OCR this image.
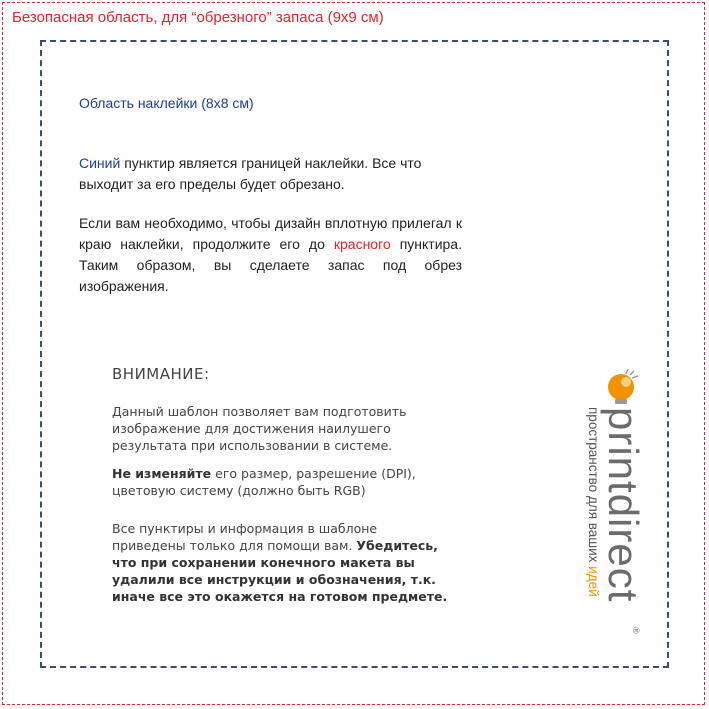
Безопасная область, для “обрезного” запаса (9x9 см)
Область наклейки (8x8 см)
Синий пунктир является границей наклейки. Все что выходит за его пределы будет обрезано.
Если вам необходимо, чтобы дизайн вплотную прилегал к краю наклейки, продолжите его до красного пунктира. Таким образом, вы сделаете запас под обрез изображения.
ВНИМАНИЕ:
Данный шаблон позволяет вам подготовить изображение для достижения наилушего результата при использовании в системе.
Не изменяйте его размер, разрешение (DPI), цветовую систему (должно быть RGB)
Все пунктиры и информация в шаблоне приведены только для помощи вам. Убедитесь, что при сохранении конечного макета вы удалили все инструкции и обозначения, т.к. иначе все это окажется на готовом предмете.	printdirect
®
пространство для ваших идей
